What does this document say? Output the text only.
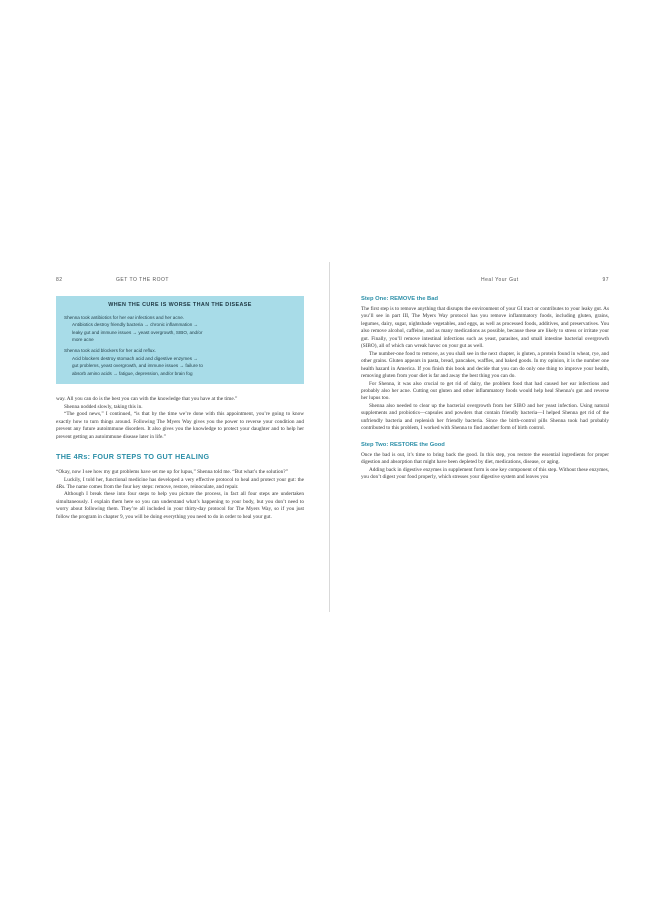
82	GET TO THE ROOT
WHEN THE CURE IS WORSE THAN THE DISEASE

Shenna took antibiotics for her ear infections and her acne.

Antibiotics destroy friendly bacteria → chronic inflammation →

leaky gut and immune issues → yeast overgrowth, SIBO, and/or

more acne

Shenna took acid blockers for her acid reflux.

Acid blockers destroy stomach acid and digestive enzymes →

gut problems, yeast overgrowth, and immune issues → failure to

absorb amino acids → fatigue, depression, and/or brain fog

way. All you can do is the best you can with the knowledge that you have at the time.”

Shenna nodded slowly, taking this in.

“The good news,” I continued, “is that by the time we’re done with this appointment, you’re going to know exactly how to turn things around. Following The Myers Way gives you the power to reverse your condition and prevent any future autoimmune disorders. It also gives you the knowledge to protect your daughter and to help her prevent getting an autoimmune disease later in life.”

THE 4Rs: FOUR STEPS TO GUT HEALING

“Okay, now I see how my gut problems have set me up for lupus,” Shenna told me. “But what’s the solution?”

Luckily, I told her, functional medicine has developed a very effective protocol to heal and protect your gut: the 4Rs. The name comes from the four key steps: remove, restore, reinoculate, and repair.

Although I break these into four steps to help you picture the process, in fact all four steps are undertaken simultaneously. I explain them here so you can understand what’s happening to your body, but you don’t need to worry about following them. They’re all included in your thirty-day protocol for The Myers Way, so if you just follow the program in chapter 9, you will be doing everything you need to do in order to heal your gut.

Heal Your Gut	97
Step One: REMOVE the Bad

The first step is to remove anything that disrupts the environment of your GI tract or contributes to your leaky gut. As you’ll see in part III, The Myers Way protocol has you remove inflammatory foods, including gluten, grains, legumes, dairy, sugar, nightshade vegetables, and eggs, as well as processed foods, additives, and preservatives. You also remove alcohol, caffeine, and as many medications as possible, because these are likely to stress or irritate your gut. Finally, you’ll remove intestinal infections such as yeast, parasites, and small intestine bacterial overgrowth (SIBO), all of which can wreak havoc on your gut as well.

The number-one food to remove, as you shall see in the next chapter, is gluten, a protein found in wheat, rye, and other grains. Gluten appears in pasta, bread, pancakes, waffles, and baked goods. In my opinion, it is the number one health hazard in America. If you finish this book and decide that you can do only one thing to improve your health, removing gluten from your diet is far and away the best thing you can do.

For Shenna, it was also crucial to get rid of dairy, the problem food that had caused her ear infections and probably also her acne. Cutting out gluten and other inflammatory foods would help heal Shenna’s gut and reverse her lupus too.

Shenna also needed to clear up the bacterial overgrowth from her SIBO and her yeast infection. Using natural supplements and probiotics—capsules and powders that contain friendly bacteria—I helped Shenna get rid of the unfriendly bacteria and replenish her friendly bacteria. Since the birth-control pills Shenna took had probably contributed to this problem, I worked with Shenna to find another form of birth control.

Step Two: RESTORE the Good

Once the bad is out, it’s time to bring back the good. In this step, you restore the essential ingredients for proper digestion and absorption that might have been depleted by diet, medications, disease, or aging.

Adding back in digestive enzymes in supplement form is one key component of this step. Without these enzymes, you don’t digest your food properly, which stresses your digestive system and leaves you
